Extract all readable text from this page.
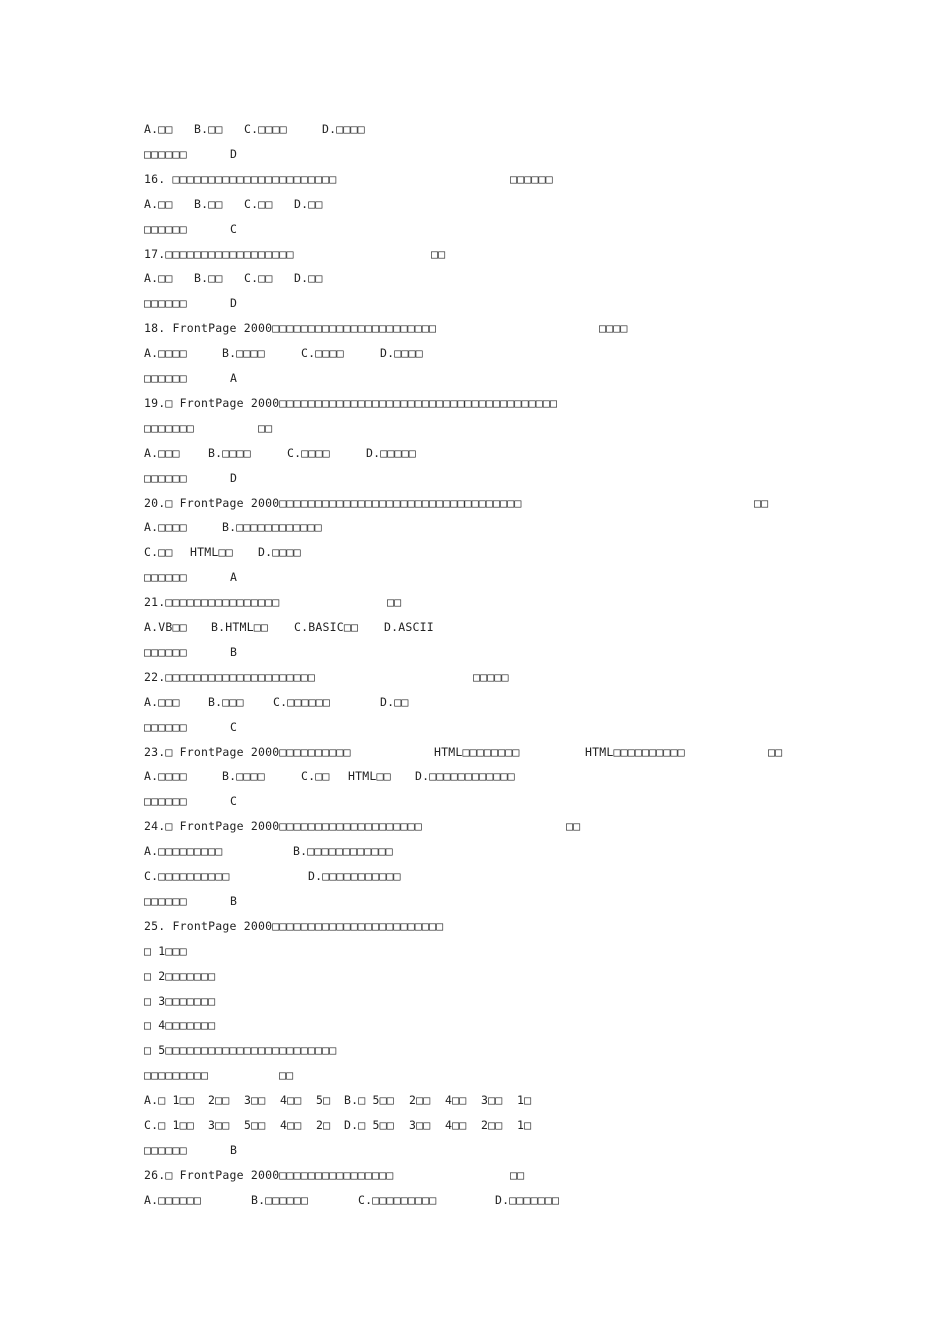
A.□□ B.□□ C.□□□□	D.□□□□
□□□□□□	D
16. □□□□□□□□□□□□□□□□□□□□□□□	□□□□□□
A.□□ B.□□ C.□□ D.□□
□□□□□□	C
17.□□□□□□□□□□□□□□□□□□	□□
A.□□ B.□□ C.□□ D.□□
□□□□□□	D
18. FrontPage 2000□□□□□□□□□□□□□□□□□□□□□□□	□□□□
A.□□□□	B.□□□□	C.□□□□	D.□□□□
□□□□□□	A
19.□ FrontPage 2000□□□□□□□□□□□□□□□□□□□□□□□□□□□□□□□□□□□□□□□
□□□□□□□	□□
A.□□□ B.□□□□	C.□□□□	D.□□□□□
□□□□□□	D
20.□ FrontPage 2000□□□□□□□□□□□□□□□□□□□□□□□□□□□□□□□□□□	□□
A.□□□□	B.□□□□□□□□□□□□
C.□□ HTML□□ D.□□□□
□□□□□□	A
21.□□□□□□□□□□□□□□□□	□□
A.VB□□ B.HTML□□ C.BASIC□□ D.ASCII
□□□□□□	B
22.□□□□□□□□□□□□□□□□□□□□□	□□□□□
A.□□□ B.□□□	C.□□□□□□	D.□□
□□□□□□	C
23.□ FrontPage 2000□□□□□□□□□□	HTML□□□□□□□□	HTML□□□□□□□□□□	□□
A.□□□□	B.□□□□	C.□□ HTML□□ D.□□□□□□□□□□□□
□□□□□□	C
24.□ FrontPage 2000□□□□□□□□□□□□□□□□□□□□	□□
A.□□□□□□□□□	B.□□□□□□□□□□□□
C.□□□□□□□□□□	D.□□□□□□□□□□□
□□□□□□	B
25. FrontPage 2000□□□□□□□□□□□□□□□□□□□□□□□□
□ 1□□□
□ 2□□□□□□□
□ 3□□□□□□□
□ 4□□□□□□□
□ 5□□□□□□□□□□□□□□□□□□□□□□□□
□□□□□□□□□	□□
A.□ 1□□ 2□□ 3□□ 4□□ 5□ B.□ 5□□ 2□□ 4□□ 3□□ 1□
C.□ 1□□ 3□□ 5□□ 4□□ 2□ D.□ 5□□ 3□□ 4□□ 2□□ 1□
□□□□□□	B
26.□ FrontPage 2000□□□□□□□□□□□□□□□□	□□
A.□□□□□□	B.□□□□□□	C.□□□□□□□□□	D.□□□□□□□
